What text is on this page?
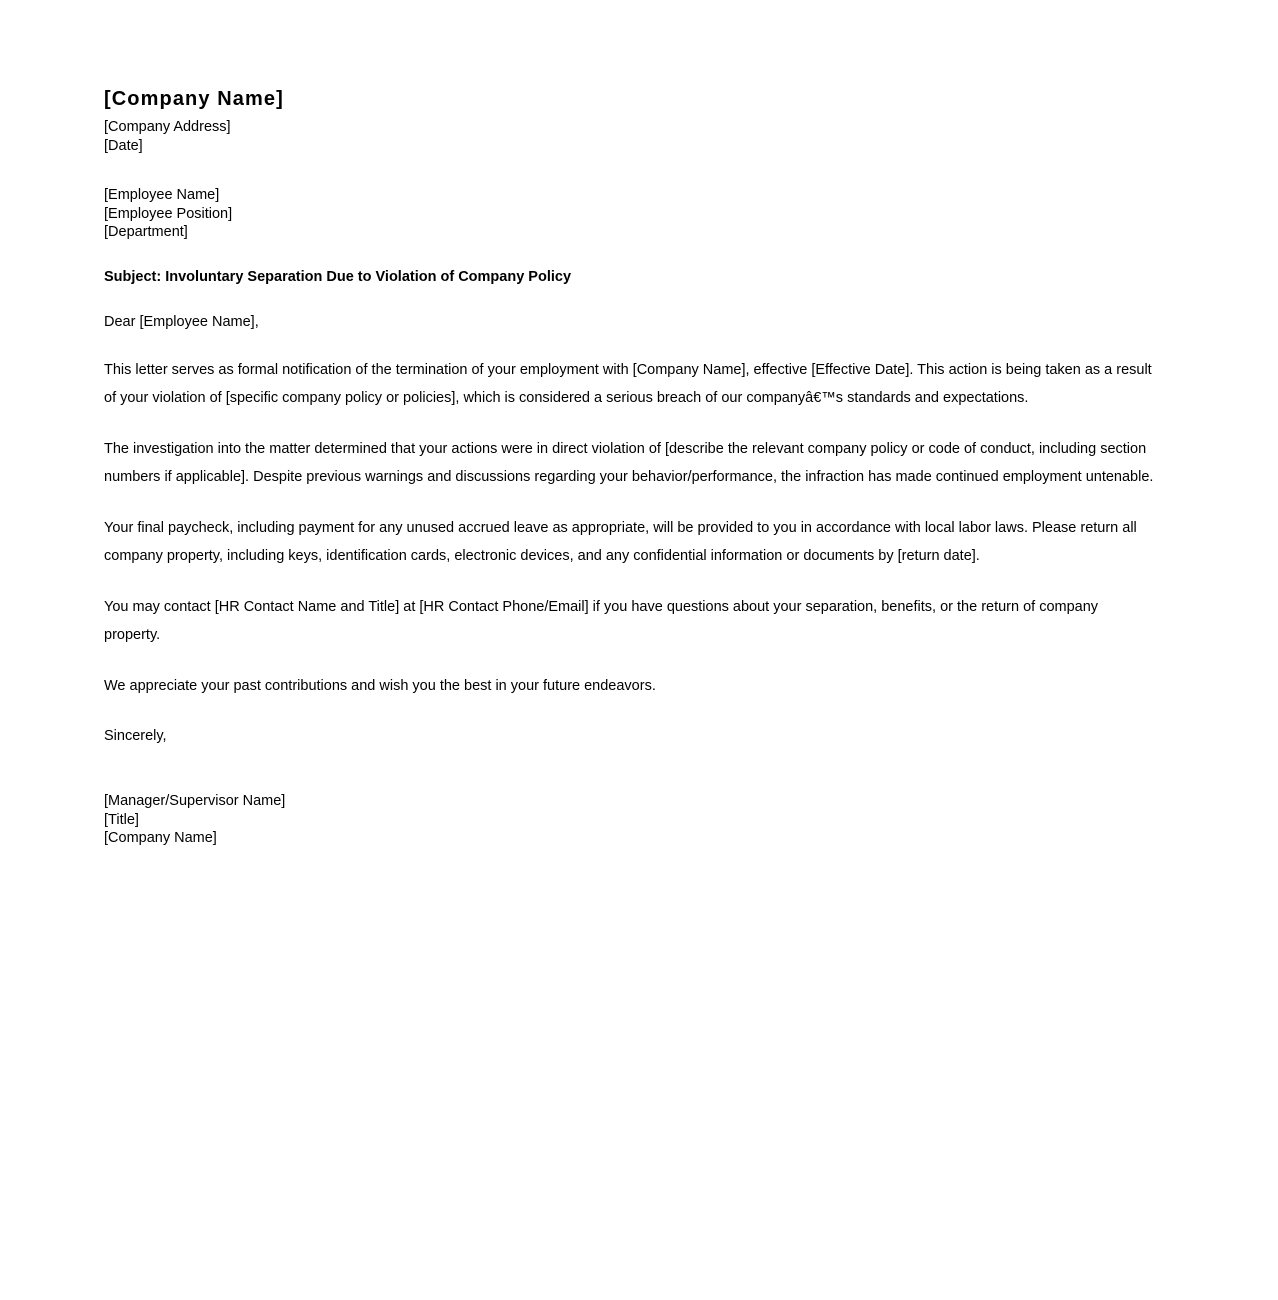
[Company Name]
[Company Address]
[Date]
[Employee Name]
[Employee Position]
[Department]
Subject: Involuntary Separation Due to Violation of Company Policy
Dear [Employee Name],

This letter serves as formal notification of the termination of your employment with [Company Name], effective [Effective Date]. This action is being taken as a result of your violation of [specific company policy or policies], which is considered a serious breach of our companyâ€™s standards and expectations.

The investigation into the matter determined that your actions were in direct violation of [describe the relevant company policy or code of conduct, including section numbers if applicable]. Despite previous warnings and discussions regarding your behavior/performance, the infraction has made continued employment untenable.

Your final paycheck, including payment for any unused accrued leave as appropriate, will be provided to you in accordance with local labor laws. Please return all company property, including keys, identification cards, electronic devices, and any confidential information or documents by [return date].

You may contact [HR Contact Name and Title] at [HR Contact Phone/Email] if you have questions about your separation, benefits, or the return of company property.

We appreciate your past contributions and wish you the best in your future endeavors.

Sincerely,
[Manager/Supervisor Name]
[Title]
[Company Name]
